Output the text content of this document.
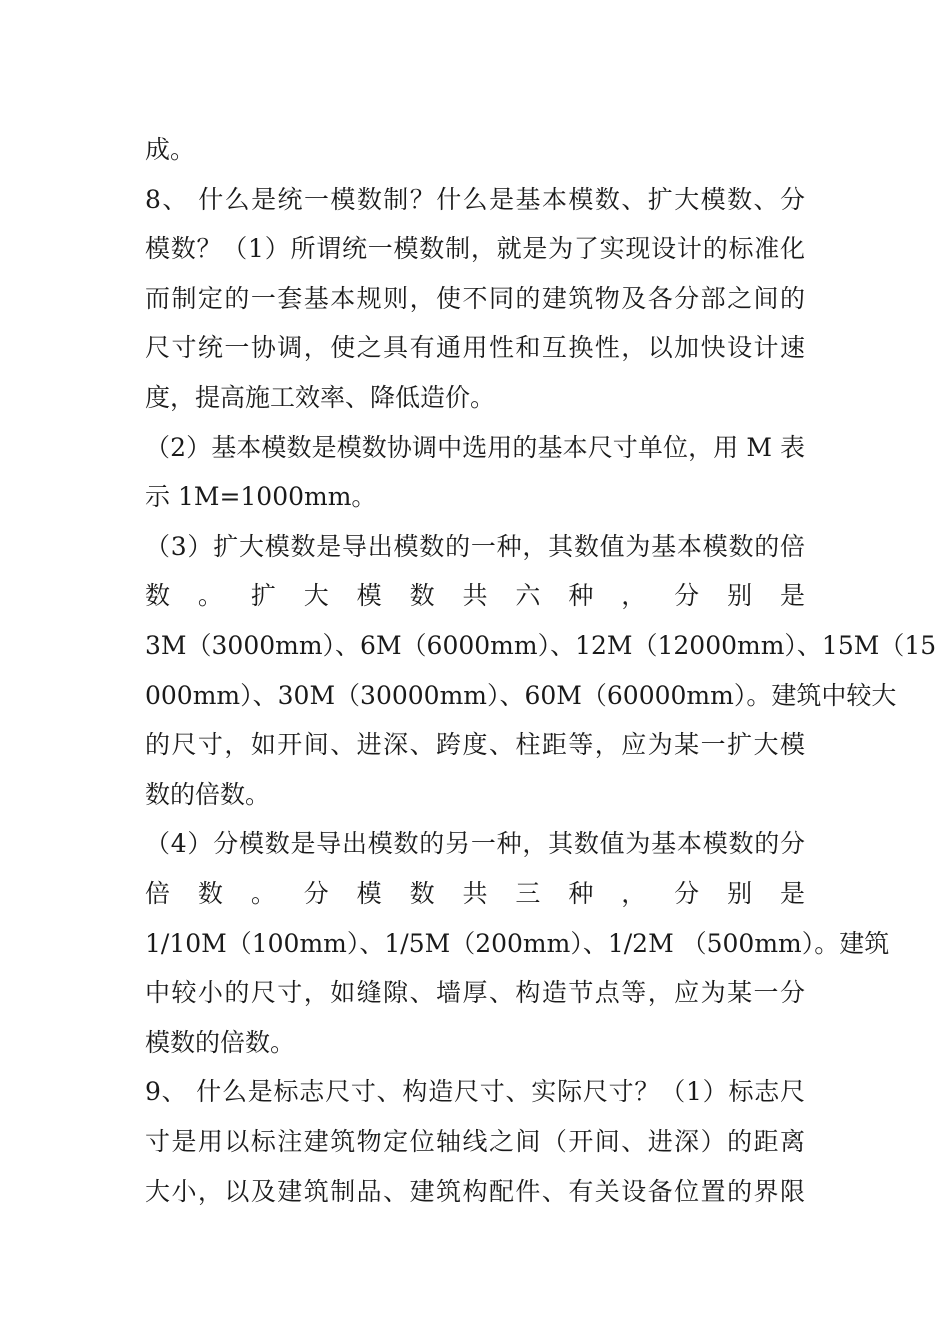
成。
8、 什么是统一模数制？什么是基本模数、扩大模数、分
模数？（1）所谓统一模数制，就是为了实现设计的标准化
而制定的一套基本规则，使不同的建筑物及各分部之间的
尺寸统一协调，使之具有通用性和互换性，以加快设计速
度，提高施工效率、降低造价。
（2）基本模数是模数协调中选用的基本尺寸单位，用 M 表
示 1M=1000mm。
（3）扩大模数是导出模数的一种，其数值为基本模数的倍
数 。 扩 大 模 数 共 六 种 ， 分 别 是
3M（3000mm）、6M（6000mm）、12M（12000mm）、15M（15
000mm）、30M（30000mm）、60M（60000mm）。建筑中较大
的尺寸，如开间、进深、跨度、柱距等，应为某一扩大模
数的倍数。
（4）分模数是导出模数的另一种，其数值为基本模数的分
倍 数 。 分 模 数 共 三 种 ， 分 别 是
1/10M（100mm）、1/5M（200mm）、1/2M （500mm）。建筑
中较小的尺寸，如缝隙、墙厚、构造节点等，应为某一分
模数的倍数。
9、 什么是标志尺寸、构造尺寸、实际尺寸？（1）标志尺
寸是用以标注建筑物定位轴线之间（开间、进深）的距离
大小，以及建筑制品、建筑构配件、有关设备位置的界限
